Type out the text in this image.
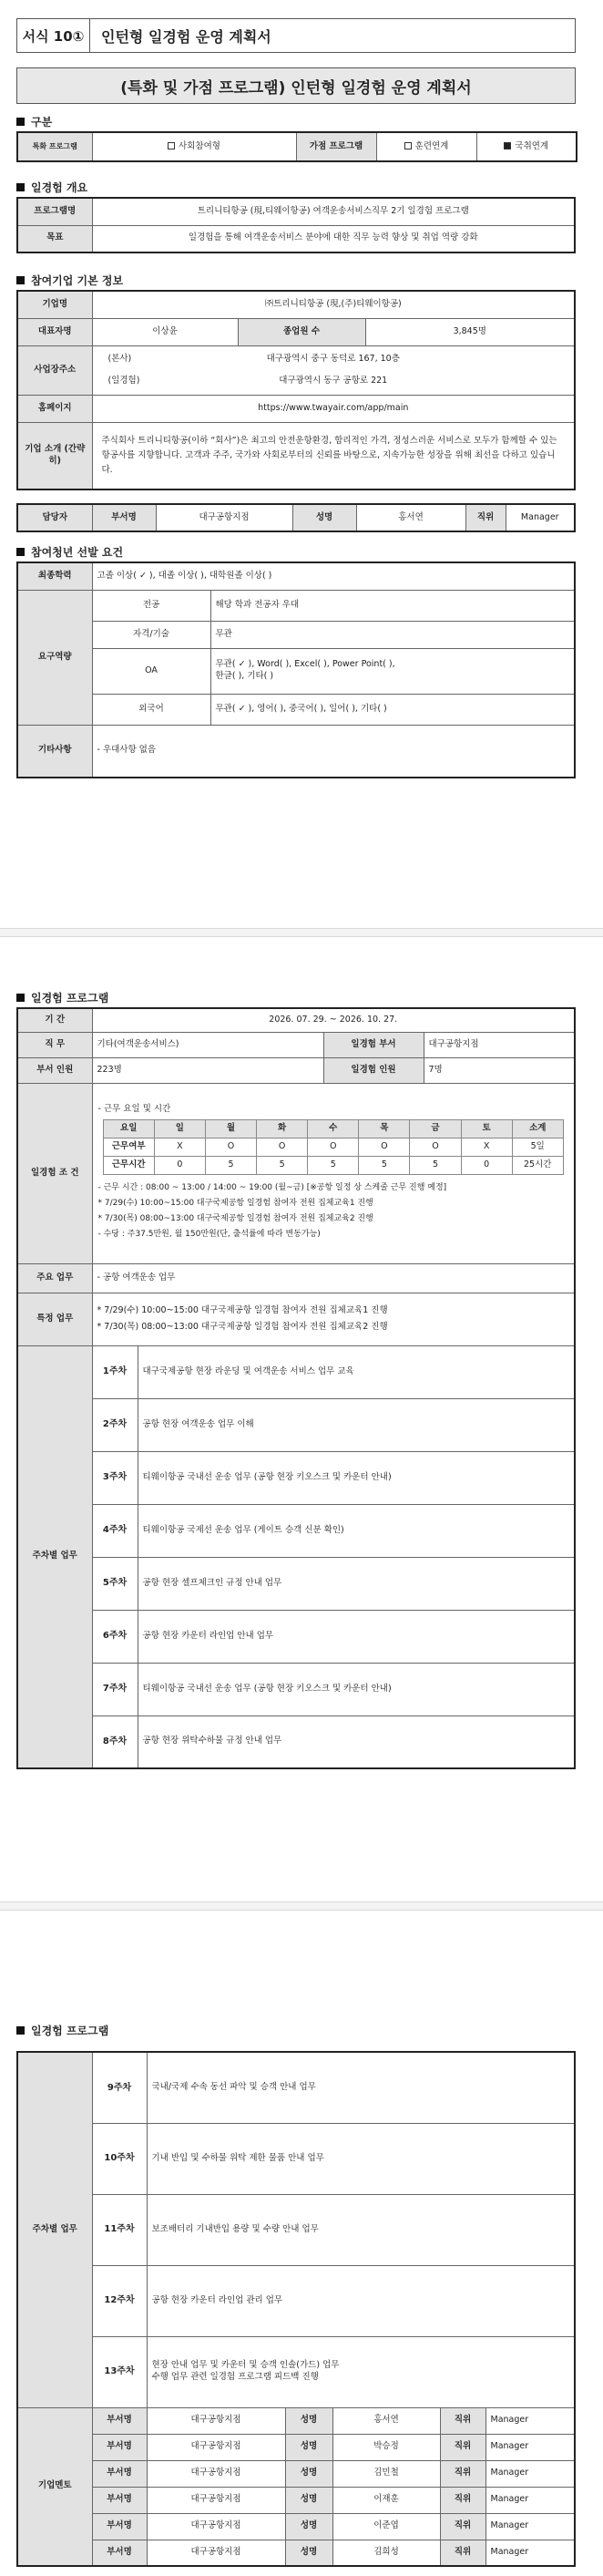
서식 10①	인턴형 일경험 운영 계획서
(특화 및 가점 프로그램) 인턴형 일경험 운영 계획서
구분
특화 프로그램	사회참여형	가점 프로그램	훈련연계	국취연계
일경험 개요
프로그램명	트리니티항공 (現,티웨이항공) 여객운송서비스직무 2기 일경험 프로그램
목표	일경험을 통해 여객운송서비스 분야에 대한 직무 능력 향상 및 취업 역량 강화
참여기업 기본 정보
기업명	㈜트리니티항공 (現,(주)티웨이항공)		
대표자명	이상윤	종업원 수	3,845명
사업장주소	(본사) 대구광역시 중구 동덕로 167, 10층
(일경험) 대구광역시 동구 공항로 221		

홈페이지	https://www.twayair.com/app/main		
기업 소개 (간략히)	주식회사 트리니티항공(이하 “회사”)은 최고의 안전운항환경, 합리적인 가격, 정성스러운 서비스로 모두가 함께할 수 있는 항공사를 지향합니다. 고객과 주주, 국가와 사회로부터의 신뢰를 바탕으로, 지속가능한 성장을 위해 최선을 다하고 있습니다.		
담당자	부서명	대구공항지점	성명	홍서연	직위	Manager
참여청년 선발 요건
최종학력	고졸 이상( ✓ ), 대졸 이상( ), 대학원졸 이상( )	
요구역량	전공	해당 학과 전공자 우대
	자격/기술	무관
	OA	무관( ✓ ), Word( ), Excel( ), Power Point( ),
한글( ), 기타( )

	외국어	무관( ✓ ), 영어( ), 중국어( ), 일어( ), 기타( )
기타사항	- 우대사항 없음	
일경험 프로그램
기 간	2026. 07. 29. ~ 2026. 10. 27.
직 무	기타(여객운송서비스)	일경험 부서	대구공항지점
부서 인원	223명	일경험 인원	7명
일경험 조 건	
- 근무 요일 및 시간
요일	일	월	화	수	목	금	토	소계
근무여부	X	O	O	O	O	O	X	5일
근무시간	0	5	5	5	5	5	0	25시간
- 근무 시간 : 08:00 ~ 13:00 / 14:00 ~ 19:00 (월~금) [※공항 일정 상 스케줄 근무 진행 예정]
* 7/29(수) 10:00~15:00 대구국제공항 일경험 참여자 전원 집체교육1 진행
* 7/30(목) 08:00~13:00 대구국제공항 일경험 참여자 전원 집체교육2 진행
- 수당 : 주37.5만원, 월 150만원(단, 출석률에 따라 변동가능)

주요 업무	- 공항 여객운송 업무
특정 업무	
* 7/29(수) 10:00~15:00 대구국제공항 일경험 참여자 전원 집체교육1 진행
* 7/30(목) 08:00~13:00 대구국제공항 일경험 참여자 전원 집체교육2 진행

주차별 업무	1주차	대구국제공항 현장 라운딩 및 여객운송 서비스 업무 교육
2주차	공항 현장 여객운송 업무 이해
3주차	티웨이항공 국내선 운송 업무 (공항 현장 키오스크 및 카운터 안내)
4주차	티웨이항공 국제선 운송 업무 (게이트 승객 신분 확인)
5주차	공항 현장 셀프체크인 규정 안내 업무
6주차	공항 현장 카운터 라인업 안내 업무
7주차	티웨이항공 국내선 운송 업무 (공항 현장 키오스크 및 카운터 안내)
8주차	공항 현장 위탁수하물 규정 안내 업무
일경험 프로그램
주차별 업무	9주차	국내/국제 수속 동선 파악 및 승객 안내 업무				
	10주차	기내 반입 및 수하물 위탁 제한 물품 안내 업무				
	11주차	보조배터리 기내반입 용량 및 수량 안내 업무				
	12주차	공항 현장 카운터 라인업 관리 업무				
	13주차	현장 안내 업무 및 카운터 및 승객 인솔(가드) 업무
수행 업무 관련 일경험 프로그램 피드백 진행				

기업멘토	부서명	대구공항지점	성명	홍서연	직위	Manager
	부서명	대구공항지점	성명	박승정	직위	Manager
	부서명	대구공항지점	성명	김민철	직위	Manager
	부서명	대구공항지점	성명	이재훈	직위	Manager
	부서명	대구공항지점	성명	이준엽	직위	Manager
	부서명	대구공항지점	성명	김희성	직위	Manager
